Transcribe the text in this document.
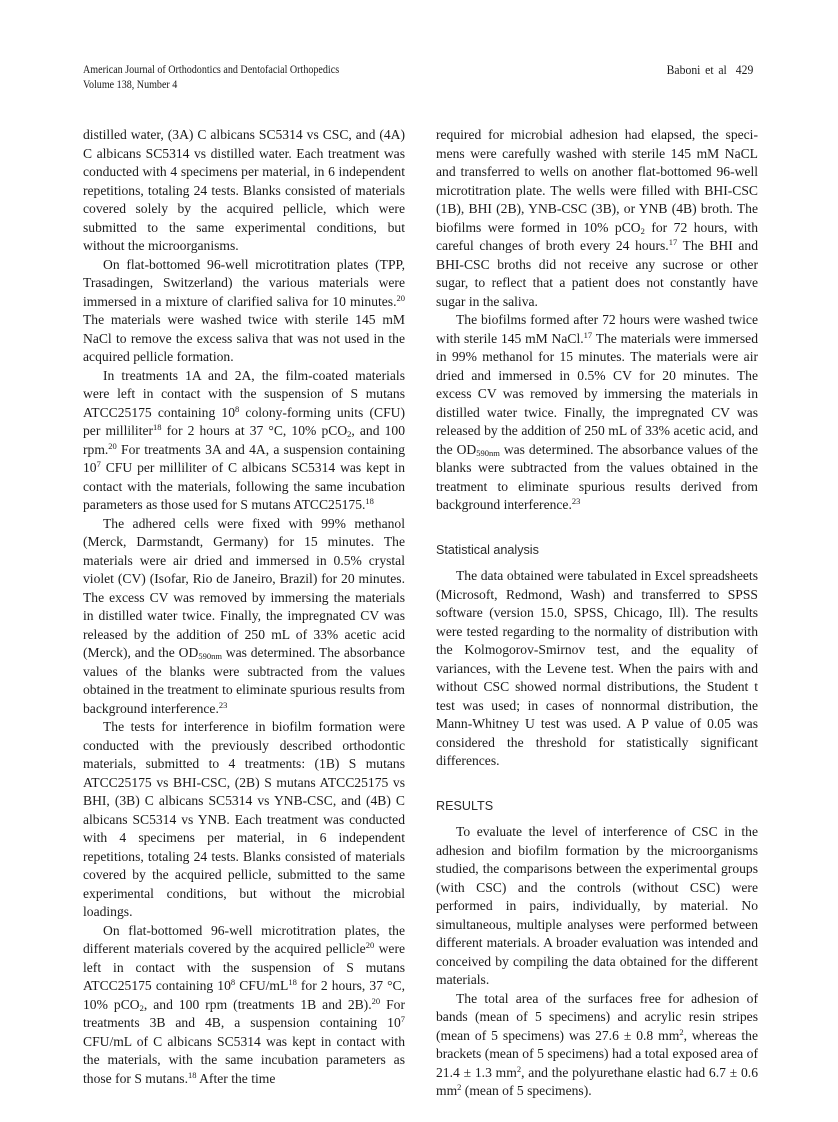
American Journal of Orthodontics and Dentofacial Orthopedics
Volume 138, Number 4
Baboni et al 429

distilled water, (3A) C albicans SC5314 vs CSC, and (4A) C albicans SC5314 vs distilled water. Each treatment was conducted with 4 specimens per material, in 6 independent repetitions, totaling 24 tests. Blanks consisted of materials covered solely by the acquired pellicle, which were submitted to the same experimental conditions, but without the microorganisms.

On flat-bottomed 96-well microtitration plates (TPP, Trasadingen, Switzerland) the various materials were immersed in a mixture of clarified saliva for 10 minutes.$^{20}$ The materials were washed twice with sterile 145 mM NaCl to remove the excess saliva that was not used in the acquired pellicle formation.

In treatments 1A and 2A, the film-coated materials were left in contact with the suspension of S mutans ATCC25175 containing $10^8$ colony-forming units (CFU) per milliliter$^{18}$ for 2 hours at 37 °C, 10% pCO$_2$, and 100 rpm.$^{20}$ For treatments 3A and 4A, a suspension containing $10^7$ CFU per milliliter of C albicans SC5314 was kept in contact with the materials, following the same incubation parameters as those used for S mutans ATCC25175.18

The adhered cells were fixed with 99% methanol (Merck, Darmstandt, Germany) for 15 minutes. The materials were air dried and immersed in 0.5% crystal violet (CV) (Isofar, Rio de Janeiro, Brazil) for 20 minutes. The excess CV was removed by immersing the materials in distilled water twice. Finally, the impregnated CV was released by the addition of 250 mL of 33% acetic acid (Merck), and the $OD_{590nm}$ was determined. The absorbance values of the blanks were subtracted from the values obtained in the treatment to eliminate spurious results from background interference.$^{23}$

The tests for interference in biofilm formation were conducted with the previously described orthodontic materials, submitted to 4 treatments: (1B) S mutans ATCC25175 vs BHI-CSC, (2B) S mutans ATCC25175 vs BHI, (3B) C albicans SC5314 vs YNB-CSC, and (4B) C albicans SC5314 vs YNB. Each treatment was conducted with 4 specimens per material, in 6 independent repetitions, totaling 24 tests. Blanks consisted of materials covered by the acquired pellicle, submitted to the same experimental conditions, but without the microbial loadings.

On flat-bottomed 96-well microtitration plates, the different materials covered by the acquired pellicle$^{20}$ were left in contact with the suspension of S mutans ATCC25175 containing $10^8$ CFU/$mL^{18}$ for 2 hours, 37 °C, 10% pCO$_2$, and 100 rpm (treatments 1B and 2B).$^{20}$ For treatments 3B and 4B, a suspension containing $10^7$ CFU/mL of C albicans SC5314 was kept in contact with the materials, with the same incubation parameters as those for S mutans.$^{18}$ After the time

required for microbial adhesion had elapsed, the specimens were carefully washed with sterile 145 mM NaCL and transferred to wells on another flat-bottomed 96-well microtitration plate. The wells were filled with BHI-CSC (1B), BHI (2B), YNB-CSC (3B), or YNB (4B) broth. The biofilms were formed in 10% pCO$_2$ for 72 hours, with careful changes of broth every 24 hours.$^{17}$ The BHI and BHI-CSC broths did not receive any sucrose or other sugar, to reflect that a patient does not constantly have sugar in the saliva.

The biofilms formed after 72 hours were washed twice with sterile 145 mM NaCl.$^{17}$ The materials were immersed in 99% methanol for 15 minutes. The materials were air dried and immersed in 0.5% CV for 20 minutes. The excess CV was removed by immersing the materials in distilled water twice. Finally, the impregnated CV was released by the addition of 250 mL of 33% acetic acid, and the $OD_{590nm}$ was determined. The absorbance values of the blanks were subtracted from the values obtained in the treatment to eliminate spurious results derived from background interference.$^{23}$

Statistical analysis

The data obtained were tabulated in Excel spreadsheets (Microsoft, Redmond, Wash) and transferred to SPSS software (version 15.0, SPSS, Chicago, Ill). The results were tested regarding to the normality of distribution with the Kolmogorov-Smirnov test, and the equality of variances, with the Levene test. When the pairs with and without CSC showed normal distributions, the Student t test was used; in cases of nonnormal distribution, the Mann-Whitney U test was used. A P value of 0.05 was considered the threshold for statistically significant differences.

RESULTS

To evaluate the level of interference of CSC in the adhesion and biofilm formation by the microorganisms studied, the comparisons between the experimental groups (with CSC) and the controls (without CSC) were performed in pairs, individually, by material. No simultaneous, multiple analyses were performed between different materials. A broader evaluation was intended and conceived by compiling the data obtained for the different materials.

The total area of the surfaces free for adhesion of bands (mean of 5 specimens) and acrylic resin stripes (mean of 5 specimens) was 27.6 ± 0.8 $mm^2$, whereas the brackets (mean of 5 specimens) had a total exposed area of 21.4 ± 1.3 $mm^2$, and the polyurethane elastic had 6.7 ± 0.6 $mm^2$ (mean of 5 specimens).
